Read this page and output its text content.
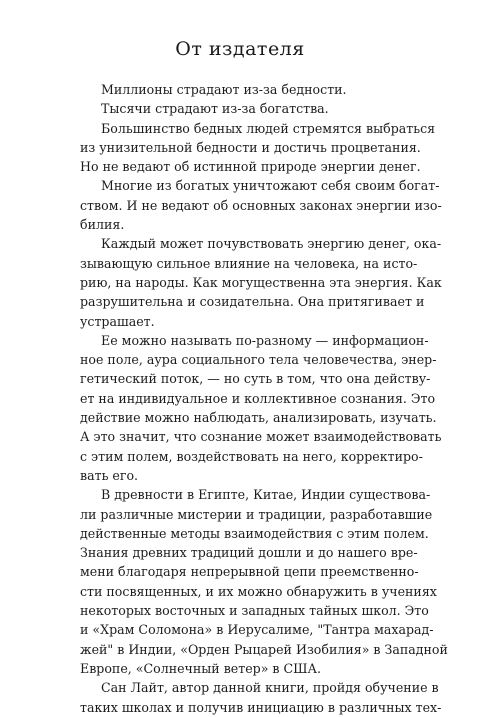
От издателя
Миллионы страдают из-за бедности.
Тысячи страдают из-за богатства.
Большинство бедных людей стремятся выбраться
из унизительной бедности и достичь процветания.
Но не ведают об истинной природе энергии денег.
Многие из богатых уничтожают себя своим богат-
ством. И не ведают об основных законах энергии изо-
билия.
Каждый может почувствовать энергию денег, ока-
зывающую сильное влияние на человека, на исто-
рию, на народы. Как могущественна эта энергия. Как
разрушительна и созидательна. Она притягивает и
устрашает.
Ее можно называть по-разному — информацион-
ное поле, аура социального тела человечества, энер-
гетический поток, — но суть в том, что она действу-
ет на индивидуальное и коллективное сознания. Это
действие можно наблюдать, анализировать, изучать.
А это значит, что сознание может взаимодействовать
с этим полем, воздействовать на него, корректиро-
вать его.
В древности в Египте, Китае, Индии существова-
ли различные мистерии и традиции, разработавшие
действенные методы взаимодействия с этим полем.
Знания древних традиций дошли и до нашего вре-
мени благодаря непрерывной цепи преемственно-
сти посвященных, и их можно обнаружить в учениях
некоторых восточных и западных тайных школ. Это
и «Храм Соломона» в Иерусалиме, "Тантра махарад-
жей" в Индии, «Орден Рыцарей Изобилия» в Западной
Европе, «Солнечный ветер» в США.
Сан Лайт, автор данной книги, пройдя обучение в
таких школах и получив инициацию в различных тех-
